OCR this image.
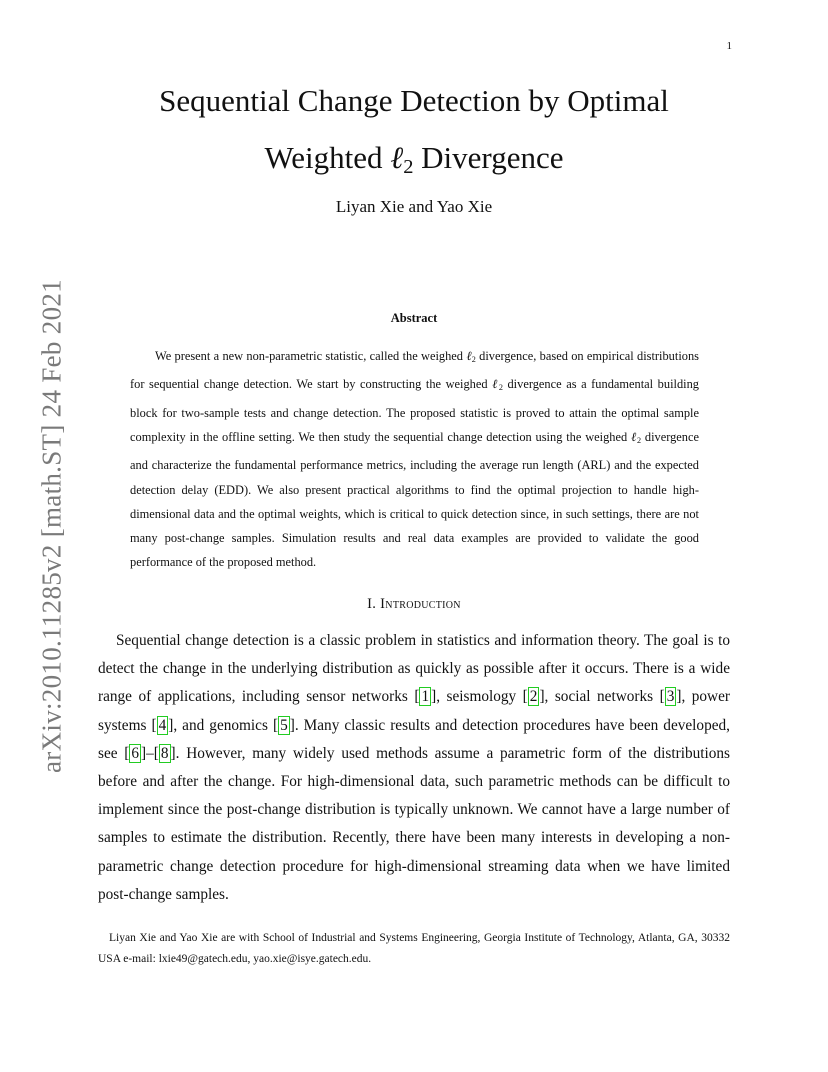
1
arXiv:2010.11285v2 [math.ST] 24 Feb 2021
Sequential Change Detection by Optimal
Weighted ℓ$_2$ Divergence
Liyan Xie and Yao Xie
Abstract

We present a new non-parametric statistic, called the weighed ℓ$_2$ divergence, based on empirical distributions for sequential change detection. We start by constructing the weighed ℓ$_2$ divergence as a fundamental building block for two-sample tests and change detection. The proposed statistic is proved to attain the optimal sample complexity in the offline setting. We then study the sequential change detection using the weighed ℓ$_2$ divergence and characterize the fundamental performance metrics, including the average run length (ARL) and the expected detection delay (EDD). We also present practical algorithms to find the optimal projection to handle high-dimensional data and the optimal weights, which is critical to quick detection since, in such settings, there are not many post-change samples. Simulation results and real data examples are provided to validate the good performance of the proposed method.

I. Introduction

Sequential change detection is a classic problem in statistics and information theory. The goal is to detect the change in the underlying distribution as quickly as possible after it occurs. There is a wide range of applications, including sensor networks [ 1 ], seismology [ 2 ], social networks [ 3 ], power systems [ 4 ], and genomics [ 5 ]. Many classic results and detection procedures have been developed, see [ 6 ]–[ 8 ]. However, many widely used methods assume a parametric form of the distributions before and after the change. For high-dimensional data, such parametric methods can be difficult to implement since the post-change distribution is typically unknown. We cannot have a large number of samples to estimate the distribution. Recently, there have been many interests in developing a non-parametric change detection procedure for high-dimensional streaming data when we have limited post-change samples.

Liyan Xie and Yao Xie are with School of Industrial and Systems Engineering, Georgia Institute of Technology, Atlanta, GA, 30332 USA e-mail: lxie49@gatech.edu, yao.xie@isye.gatech.edu.
